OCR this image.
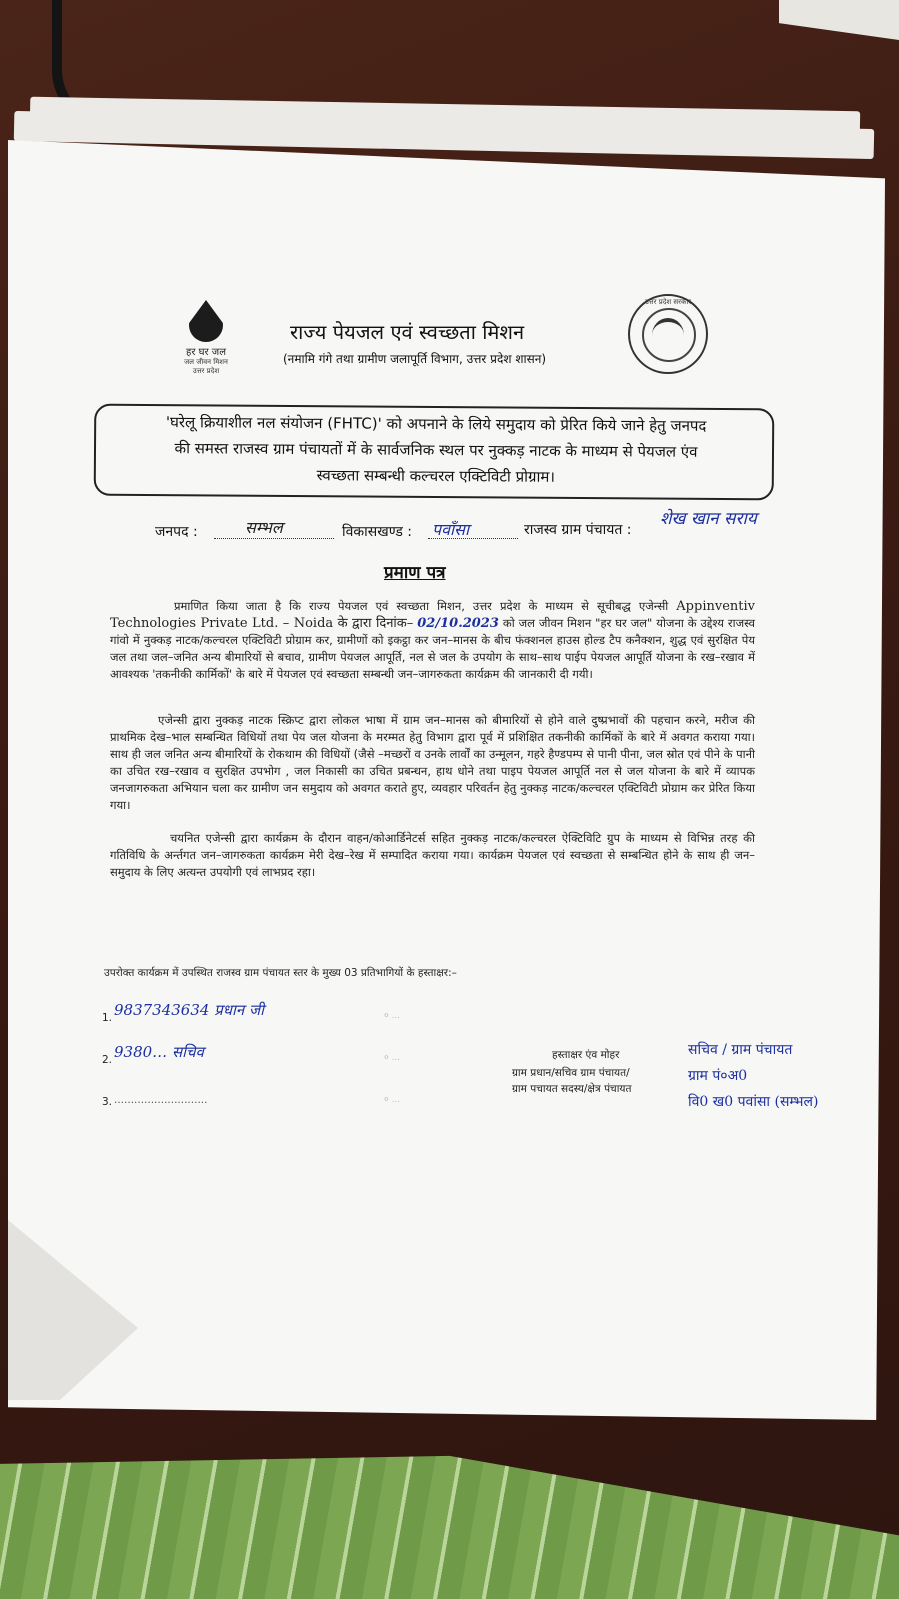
हर घर जल
जल जीवन मिशन
उत्तर प्रदेश
राज्य पेयजल एवं स्वच्छता मिशन
(नमामि गंगे तथा ग्रामीण जलापूर्ति विभाग, उत्तर प्रदेश शासन)
उत्तर प्रदेश सरकार
'घरेलू क्रियाशील नल संयोजन (FHTC)' को अपनाने के लिये समुदाय को प्रेरित किये जाने हेतु जनपद
की समस्त राजस्व ग्राम पंचायतों में के सार्वजनिक स्थल पर नुक्कड़ नाटक के माध्यम से पेयजल एंव
स्वच्छता सम्बन्धी कल्चरल एक्टिविटी प्रोग्राम।
जनपद :	सम्भल	विकासखण्ड : पवाँसा	राजस्व ग्राम पंचायत :
शेख खान सराय
प्रमाण पत्र
प्रमाणित किया जाता है कि राज्य पेयजल एवं स्वच्छता मिशन, उत्तर प्रदेश के माध्यम से सूचीबद्ध एजेन्सी Appinventiv Technologies Private Ltd. – Noida के द्वारा दिनांक– 02/10.2023 को जल जीवन मिशन "हर घर जल" योजना के उद्देश्य राजस्व गांवो में नुक्कड़ नाटक/कल्चरल एक्टिविटी प्रोग्राम कर, ग्रामीणों को इकट्ठा कर जन–मानस के बीच फंक्शनल हाउस होल्ड टैप कनैक्शन, शुद्ध एवं सुरक्षित पेय जल तथा जल–जनित अन्य बीमारियों से बचाव, ग्रामीण पेयजल आपूर्ति, नल से जल के उपयोग के साथ–साथ पाईप पेयजल आपूर्ति योजना के रख–रखाव में आवश्यक 'तकनीकी कार्मिकों' के बारे में पेयजल एवं स्वच्छता सम्बन्धी जन–जागरुकता कार्यक्रम की जानकारी दी गयी।
एजेन्सी द्वारा नुक्कड़ नाटक स्क्रिप्ट द्वारा लोकल भाषा में ग्राम जन–मानस को बीमारियों से होने वाले दुष्प्रभावों की पहचान करने, मरीज की प्राथमिक देख–भाल सम्बन्धित विधियों तथा पेय जल योजना के मरम्मत हेतु विभाग द्वारा पूर्व में प्रशिक्षित तकनीकी कार्मिकों के बारे में अवगत कराया गया। साथ ही जल जनित अन्य बीमारियों के रोकथाम की विधियों (जैसे –मच्छरों व उनके लार्वों का उन्मूलन, गहरे हैण्डपम्प से पानी पीना, जल स्रोत एवं पीने के पानी का उचित रख–रखाव व सुरक्षित उपभोग , जल निकासी का उचित प्रबन्धन, हाथ धोने तथा पाइप पेयजल आपूर्ति नल से जल योजना के बारे में व्यापक जनजागरुकता अभियान चला कर ग्रामीण जन समुदाय को अवगत कराते हुए, व्यवहार परिवर्तन हेतु नुक्कड़ नाटक/कल्चरल एक्टिविटी प्रोग्राम कर प्रेरित किया गया।
चयनित एजेन्सी द्वारा कार्यक्रम के दौरान वाहन/कोआर्डिनेटर्स सहित नुक्कड़ नाटक/कल्चरल ऐक्टिविटि ग्रुप के माध्यम से विभिन्न तरह की गतिविधि के अर्न्तगत जन–जागरुकता कार्यक्रम मेरी देख–रेख में सम्पादित कराया गया। कार्यक्रम पेयजल एवं स्वच्छता से सम्बन्धित होने के साथ ही जन–समुदाय के लिए अत्यन्त उपयोगी एवं लाभप्रद रहा।
उपरोक्त कार्यक्रम में उपस्थित राजस्व ग्राम पंचायत स्तर के मुख्य 03 प्रतिभागियों के हस्ताक्षर:–
1. 9837343634 प्रधान जी	० ...
2. 9380… सचिव	० ...
3. ............................	० ...
हस्ताक्षर एंव मोहर
ग्राम प्रधान/सचिव ग्राम पंचायत/
ग्राम पचायत सदस्य/क्षेत्र पंचायत
सचिव / ग्राम पंचायत
ग्राम पं०अ0
वि0 ख0 पवांसा (सम्भल)
